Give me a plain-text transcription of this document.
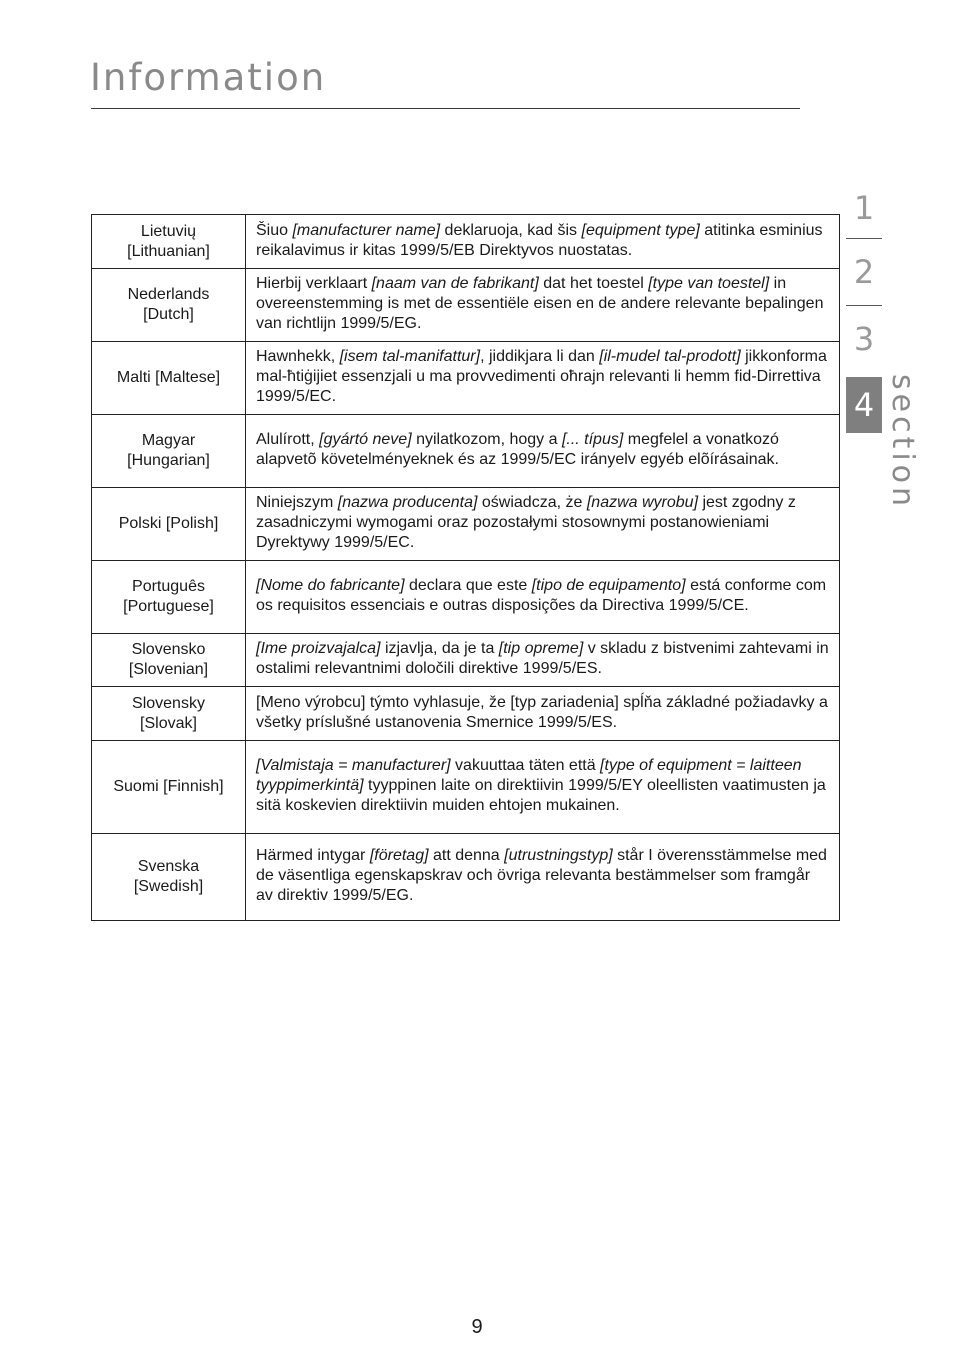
Information
1
2
3
4 section
Lietuvių
[Lithuanian]	Šiuo [manufacturer name] deklaruoja, kad šis [equipment type] atitinka esminius reikalavimus ir kitas 1999/5/EB Direktyvos nuostatas.

Nederlands
[Dutch]	Hierbij verklaart [naam van de fabrikant] dat het toestel [type van toestel] in overeenstemming is met de essentiële eisen en de andere relevante bepalingen van richtlijn 1999/5/EG.

Malti [Maltese]	Hawnhekk, [isem tal-manifattur], jiddikjara li dan [il-mudel tal-prodott] jikkonforma mal-ħtiġijiet essenzjali u ma provvedimenti oħrajn relevanti li hemm fid-Dirrettiva 1999/5/EC.

Magyar
[Hungarian]	Alulírott, [gyártó neve] nyilatkozom, hogy a [... típus] megfelel a vonatkozó alapvetõ követelményeknek és az 1999/5/EC irányelv egyéb elõírásainak.

Polski [Polish]	Niniejszym [nazwa producenta] oświadcza, że [nazwa wyrobu] jest zgodny z zasadniczymi wymogami oraz pozostałymi stosownymi postanowieniami Dyrektywy 1999/5/EC.

Português
[Portuguese]	[Nome do fabricante] declara que este [tipo de equipamento] está conforme com os requisitos essenciais e outras disposições da Directiva 1999/5/CE.

Slovensko
[Slovenian]	[Ime proizvajalca] izjavlja, da je ta [tip opreme] v skladu z bistvenimi zahtevami in ostalimi relevantnimi določili direktive 1999/5/ES.

Slovensky
[Slovak]	[Meno výrobcu] týmto vyhlasuje, že [typ zariadenia] spĺňa základné požiadavky a všetky príslušné ustanovenia Smernice 1999/5/ES.

Suomi [Finnish]	[Valmistaja = manufacturer] vakuuttaa täten että [type of equipment = laitteen tyyppimerkintä] tyyppinen laite on direktiivin 1999/5/EY oleellisten vaatimusten ja sitä koskevien direktiivin muiden ehtojen mukainen.

Svenska
[Swedish]	Härmed intygar [företag] att denna [utrustningstyp] står I överensstämmelse med de väsentliga egenskapskrav och övriga relevanta bestämmelser som framgår av direktiv 1999/5/EG.
9
